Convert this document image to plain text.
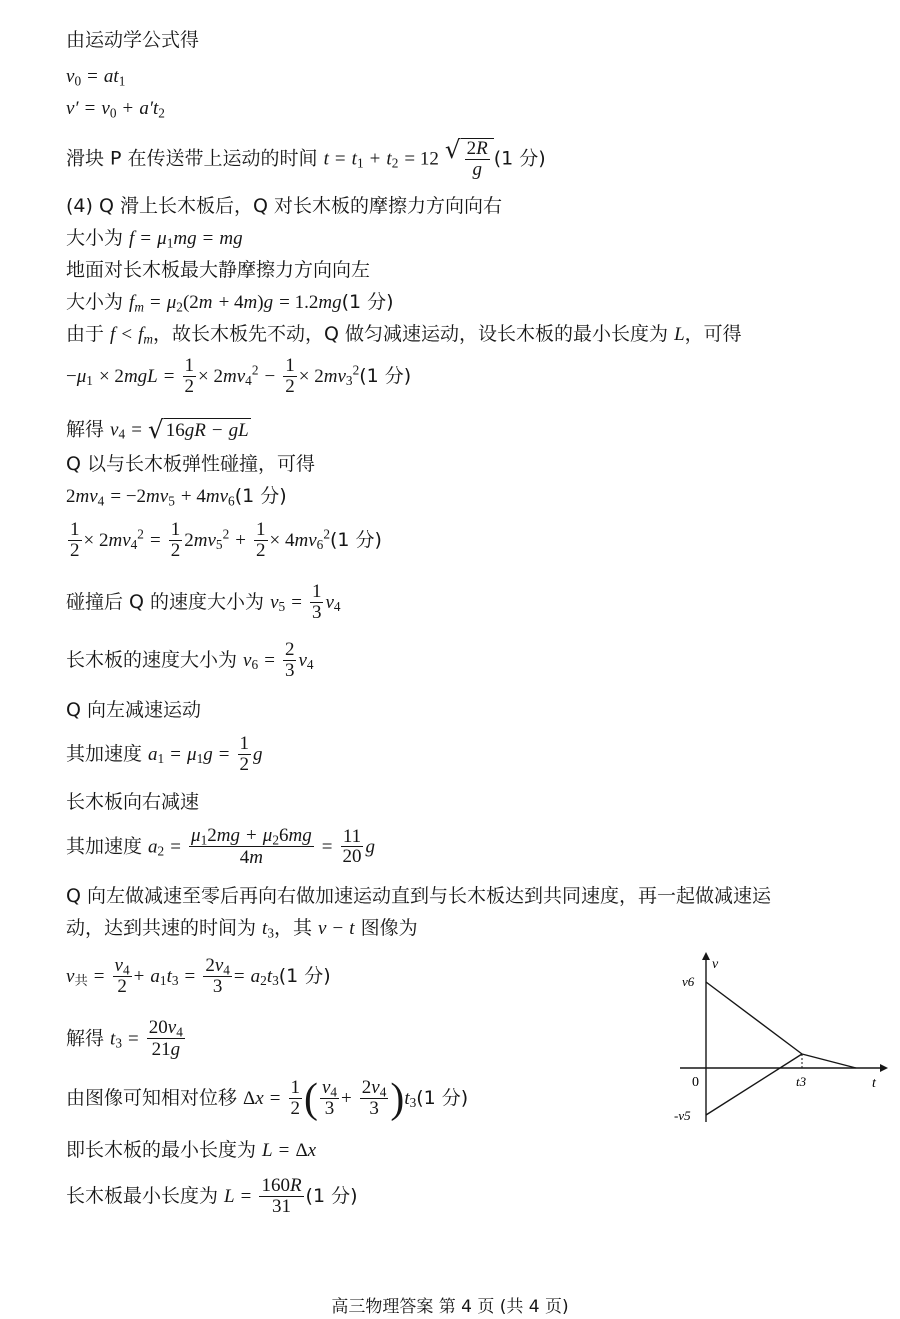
由运动学公式得
$v_0 = at_1$
$v' = v_0 + a't_2$
滑块 P 在传送带上运动的时间 $t = t_1 + t_2 = 12$ √ $\frac{2R}{g} (1$ 分)
(4) Q 滑上长木板后，Q 对长木板的摩擦力方向向右
大小为 $f = \mu_1mg$ = mg
地面对长木板最大静摩擦力方向向左
大小为 $f_m = \mu_2(2m + 4m)g = 1.2mg(1$ 分)
由于 $f < f_m$，故长木板先不动，Q 做匀减速运动，设长木板的最小长度为 L，可得
$-\mu_1 \times 2mgL = \frac{1}{2} \times 2mv_4^2 - \frac{1}{2} \times 2mv_3^2(1$ 分)
解得 $v_4$ = √ 16 gR
−
gL
Q 以与长木板弹性碰撞，可得
$2mv_4 = -2mv_5 + 4mv_6(1$ 分)
$\frac{1}{2} \times 2mv_4^2 = \frac{1}{2} 2mv_5^2 + \frac{1}{2} \times 4mv_6^2(1$ 分)
碰撞后 Q 的速度大小为 $v_5 = \frac{1}{3} v_4$
长木板的速度大小为 $v_6 = \frac{2}{3} v_4$
Q 向左减速运动
其加速度 $a_1 = \mu_1g = \frac{1}{2}$ g
长木板向右减速
其加速度 $a_2 = \frac{\mu_12mg + \mu_26mg}{4m} = \frac{11}{20}$ g
Q 向左做减速至零后再向右做加速运动直到与长木板达到共同速度，再一起做减速运
动，达到共速的时间为 $t_3$，其 v − t 图像为
$v_共 = \frac{v_4}{2} + a_1t_3 = \frac{2v_4}{3} = a_2t_3(1$ 分)
解得 $t_3 = \frac{20v_4}{21g}$
由图像可知相对位移 $\Delta x = \frac{1}{2}$ ( $\frac{v_4}{3} + \frac{2v_4}{3} )t_3(1$ 分)
即长木板的最小长度为 L = Δx
长木板最小长度为 $L = \frac{160R}{31} (1$ 分)
v
t
0
v6
-v5
t3
高三物理答案 第 4 页 (共 4 页)
